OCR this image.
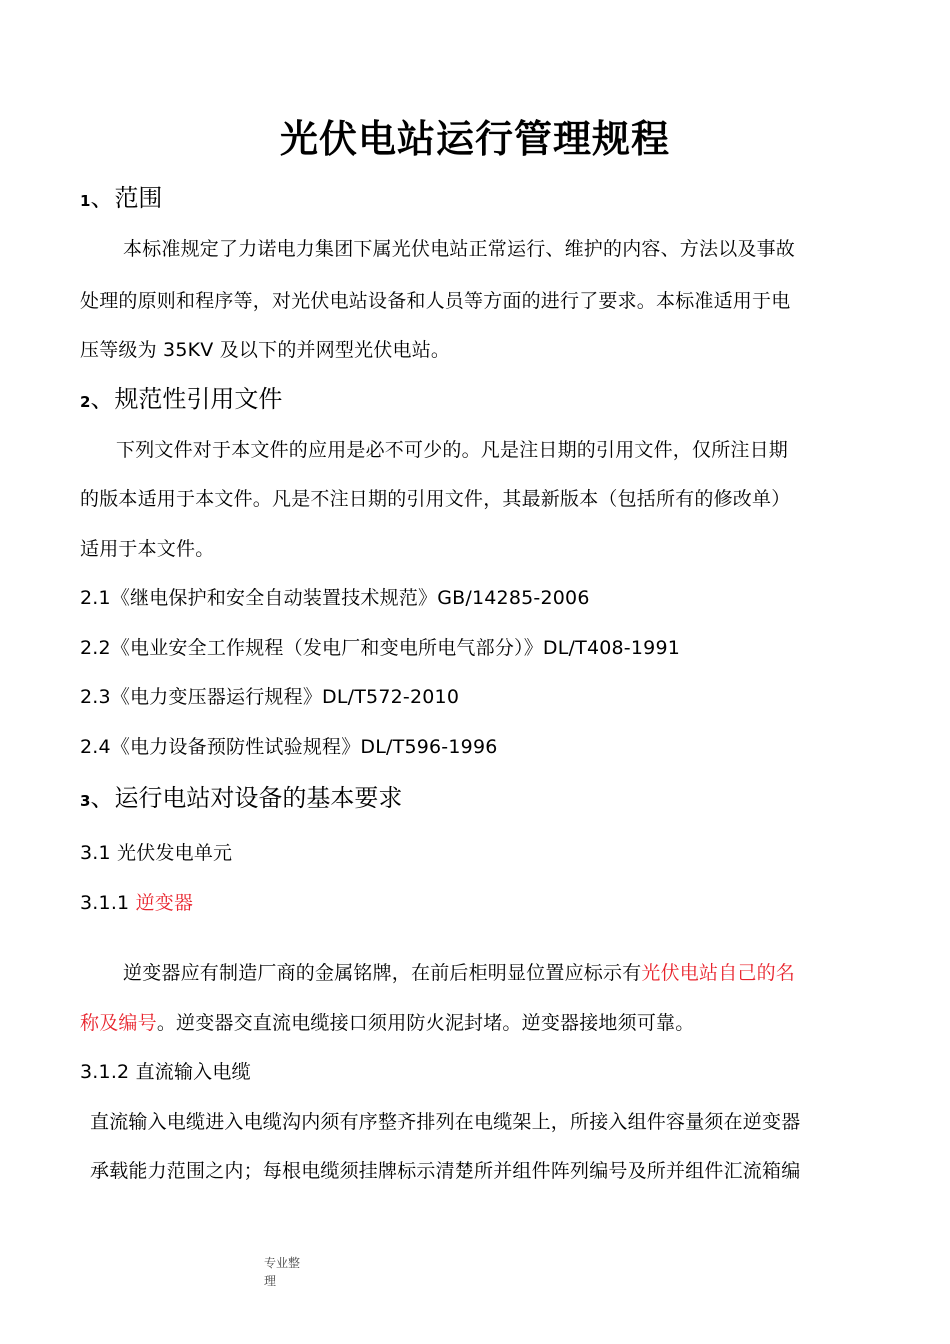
光伏电站运行管理规程
1、范围
本标准规定了力诺电力集团下属光伏电站正常运行、维护的内容、方法以及事故
处理的原则和程序等，对光伏电站设备和人员等方面的进行了要求。本标准适用于电
压等级为 35KV 及以下的并网型光伏电站。
2、规范性引用文件
下列文件对于本文件的应用是必不可少的。凡是注日期的引用文件，仅所注日期
的版本适用于本文件。凡是不注日期的引用文件，其最新版本（包括所有的修改单）
适用于本文件。
2.1《继电保护和安全自动装置技术规范》GB/14285-2006
2.2《电业安全工作规程（发电厂和变电所电气部分）》DL/T408-1991
2.3《电力变压器运行规程》DL/T572-2010
2.4《电力设备预防性试验规程》DL/T596-1996
3、运行电站对设备的基本要求
3.1 光伏发电单元
3.1.1 逆变器
逆变器应有制造厂商的金属铭牌，在前后柜明显位置应标示有光伏电站自己的名
称及编号。逆变器交直流电缆接口须用防火泥封堵。逆变器接地须可靠。
3.1.2 直流输入电缆
直流输入电缆进入电缆沟内须有序整齐排列在电缆架上，所接入组件容量须在逆变器
承载能力范围之内；每根电缆须挂牌标示清楚所并组件阵列编号及所并组件汇流箱编
专业整
理
